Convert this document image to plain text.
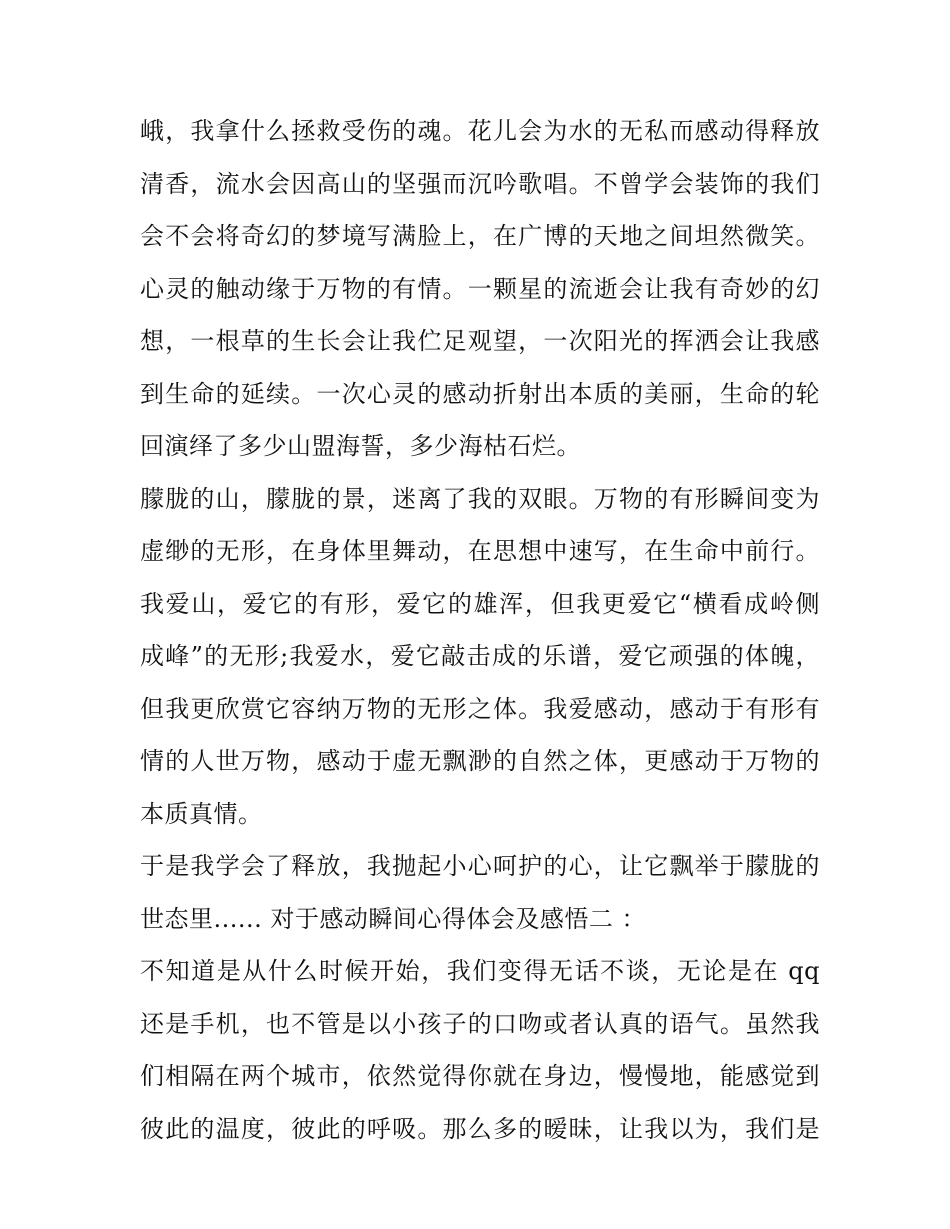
峨，我拿什么拯救受伤的魂。花儿会为水的无私而感动得释放
清香，流水会因高山的坚强而沉吟歌唱。不曾学会装饰的我们
会不会将奇幻的梦境写满脸上，在广博的天地之间坦然微笑。
心灵的触动缘于万物的有情。一颗星的流逝会让我有奇妙的幻
想，一根草的生长会让我伫足观望，一次阳光的挥洒会让我感
到生命的延续。一次心灵的感动折射出本质的美丽，生命的轮
回演绎了多少山盟海誓，多少海枯石烂。
朦胧的山，朦胧的景，迷离了我的双眼。万物的有形瞬间变为
虚缈的无形，在身体里舞动，在思想中速写，在生命中前行。
我爱山，爱它的有形，爱它的雄浑，但我更爱它“横看成岭侧
成峰”的无形;我爱水，爱它敲击成的乐谱，爱它顽强的体魄，
但我更欣赏它容纳万物的无形之体。我爱感动，感动于有形有
情的人世万物，感动于虚无飘渺的自然之体，更感动于万物的
本质真情。
于是我学会了释放，我抛起小心呵护的心，让它飘举于朦胧的
世态里...... 对于感动瞬间心得体会及感悟二 ：
不知道是从什么时候开始，我们变得无话不谈，无论是在 qq
还是手机，也不管是以小孩子的口吻或者认真的语气。虽然我
们相隔在两个城市，依然觉得你就在身边，慢慢地，能感觉到
彼此的温度，彼此的呼吸。那么多的暧昧，让我以为，我们是
